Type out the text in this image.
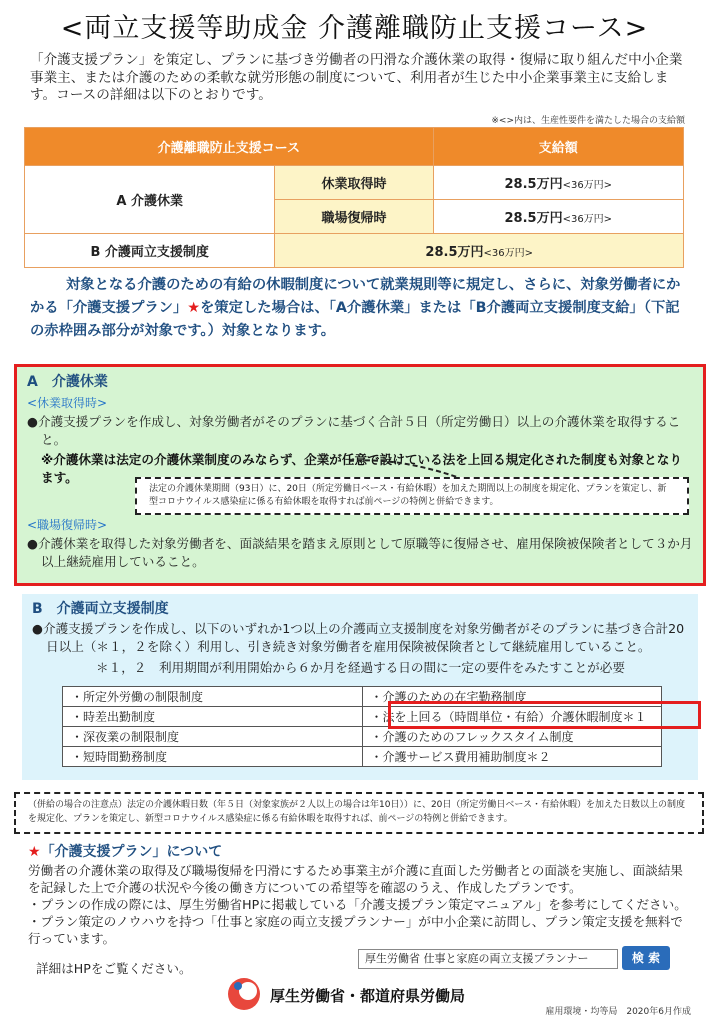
<両立支援等助成金 介護離職防止支援コース>
「介護支援プラン」を策定し、プランに基づき労働者の円滑な介護休業の取得・復帰に取り組んだ中小企業事業主、または介護のための柔軟な就労形態の制度について、利用者が生じた中小企業事業主に支給します。コースの詳細は以下のとおりです。
※<>内は、生産性要件を満たした場合の支給額
介護離職防止支援コース		支給額
A 介護休業	休業取得時	28.5万円<36万円>
	職場復帰時	28.5万円<36万円>
B 介護両立支援制度	28.5万円<36万円>	
対象となる介護のための有給の休暇制度について就業規則等に規定し、さらに、対象労働者にかかる「介護支援プラン」★を策定した場合は、「A介護休業」または「B介護両立支援制度支給」（下記の赤枠囲み部分が対象です。）対象となります。
A　介護休業
<休業取得時>
●介護支援プランを作成し、対象労働者がそのプランに基づく合計５日（所定労働日）以上の介護休業を取得すること。
※介護休業は法定の介護休業制度のみならず、企業が任意で設けている法を上回る規定化された制度も対象となります。
<職場復帰時>
●介護休業を取得した対象労働者を、面談結果を踏まえ原則として原職等に復帰させ、雇用保険被保険者として３か月以上継続雇用していること。
法定の介護休業期間（93日）に、20日（所定労働日ベース・有給休暇）を加えた期間以上の制度を規定化、プランを策定し、新型コロナウイルス感染症に係る有給休暇を取得すれば前ページの特例と併給できます。
B　介護両立支援制度
●介護支援プランを作成し、以下のいずれか1つ以上の介護両立支援制度を対象労働者がそのプランに基づき合計20日以上（＊１，２を除く）利用し、引き続き対象労働者を雇用保険被保険者として継続雇用していること。
＊１，２　利用期間が利用開始から６か月を経過する日の間に一定の要件をみたすことが必要
・所定外労働の制限制度	・介護のための在宅勤務制度
・時差出勤制度	・法を上回る（時間単位・有給）介護休暇制度＊１
・深夜業の制限制度	・介護のためのフレックスタイム制度
・短時間勤務制度	・介護サービス費用補助制度＊２
（併給の場合の注意点）法定の介護休暇日数（年５日（対象家族が２人以上の場合は年10日））に、20日（所定労働日ベース・有給休暇）を加えた日数以上の制度を規定化、プランを策定し、新型コロナウイルス感染症に係る有給休暇を取得すれば、前ページの特例と併給できます。
★「介護支援プラン」について
労働者の介護休業の取得及び職場復帰を円滑にするため事業主が介護に直面した労働者との面談を実施し、面談結果を記録した上で介護の状況や今後の働き方についての希望等を確認のうえ、作成したプランです。
・プランの作成の際には、厚生労働省HPに掲載している「介護支援プラン策定マニュアル」を参考にしてください。
・プラン策定のノウハウを持つ「仕事と家庭の両立支援プランナー」が中小企業に訪問し、プラン策定支援を無料で行っています。
詳細はHPをご覧ください。
厚生労働省 仕事と家庭の両立支援プランナー	検 索
厚生労働省・都道府県労働局
雇用環境・均等局　2020年6月作成
